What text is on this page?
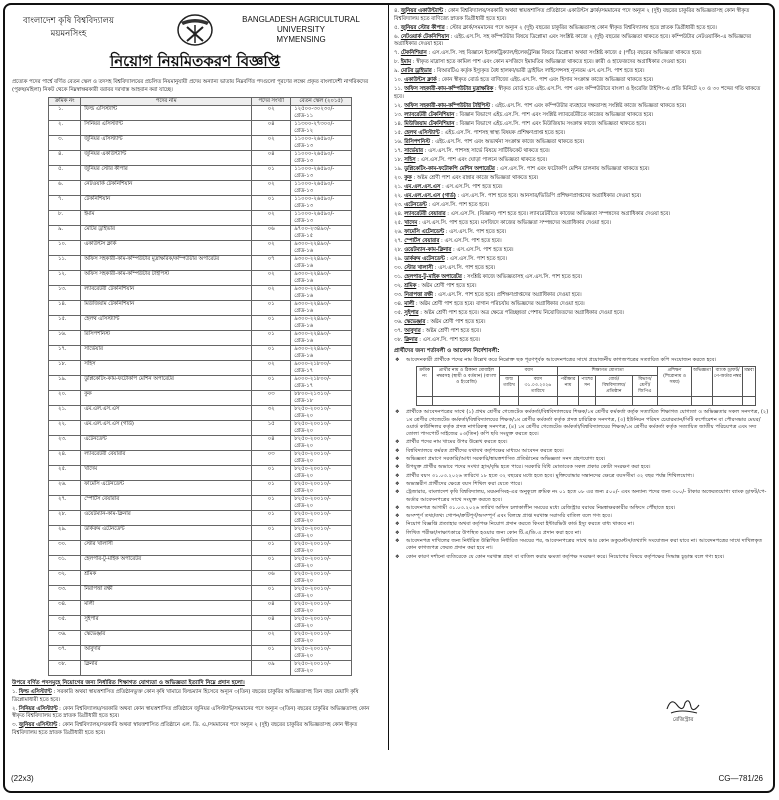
বাংলাদেশ কৃষি বিশ্ববিদ্যালয়
ময়মনসিংহ
BANGLADESH AGRICULTURAL UNIVERSITY
MYMENSING
নিয়োগ নিয়মিতকরণ বিজ্ঞপ্তি
প্রত্যেক পদের পার্শ্বে বর্ণিত বেতন স্কেল ও তদসহ বিশ্ববিদ্যালয়ের প্রচলিত নিয়মানুযায়ী প্রদেয় অন্যান্য ভাতায় নিম্নবর্ণিত পদগুলো পূরণের লক্ষ্যে প্রকৃত বাংলাদেশী নাগরিকদের (পুরুষ/মহিলা) নিকট থেকে নিম্নস্বাক্ষরকারী বরাবর দরখাস্ত আহবান করা যাচ্ছে।
ক্রমিক নং	পদের নাম	পদের সংখ্যা	বেতন স্কেল (২০১৫)
১.	ফিল্ড এসিস্ট্যান্ট	০২	১২৫০০-৩০২৩০/-
গ্রেড-১১

২.	সিনিয়র এসিস্ট্যান্ট	০৪	১১৩০০-২৭৩০০/-
গ্রেড-১২

৩.	জুনিয়র এসিস্ট্যান্ট	০২	১১০০০-২৬৫৯০/-
গ্রেড-১৩

৪.	জুনিয়র একাউন্ট্যান্ট	০৪	১১০০০-২৬৫৯০/-
গ্রেড-১৩

৫.	জুনিয়র স্টোর কীপার	০১	১১০০০-২৬৫৯০/-
গ্রেড-১৩

৬.	নেটওয়ার্ক টেকনিশিয়ান	০২	১১০০০-২৬৫৯০/-
গ্রেড-১৩

৭.	টেকনিশিয়ান	০১	১১০০০-২৬৫৯০/-
গ্রেড-১৩

৮.	ইমাম	০২	১১০০০-২৬৫৯০/-
গ্রেড-১৩

৯.	মোটর ড্রাইভার	০৬	৯৭০০-২৩৪৯০/-
গ্রেড-১৫

১০.	একাউন্টস ক্লার্ক	০২	৯৩০০-২২৪৯০/-
গ্রেড-১৬

১১.	অফিস সহকারী-কাম-কম্পিউটার মুদ্রাক্ষরিক/কম্পিউটার অপারেটর	০৭	৯৩০০-২২৪৯০/-
গ্রেড-১৬

১২.	অফিস সহকারী-কাম-কম্পিউটার টাইপিস্ট	০২	৯৩০০-২২৪৯০/-
গ্রেড-১৬

১৩.	ল্যাবরেটরী টেকনিশিয়ান	০২	৯৩০০-২২৪৯০/-
গ্রেড-১৬

১৪.	মিউজিয়াম টেকনিশিয়ান	০১	৯৩০০-২২৪৯০/-
গ্রেড-১৬

১৫.	হেলথ এসিস্ট্যান্ট	০১	৯৩০০-২২৪৯০/-
গ্রেড-১৬

১৬.	রিসিপশনিস্ট	০১	৯৩০০-২২৪৯০/-
গ্রেড-১৬

১৭.	সার্ভেয়ার	০১	৯৩০০-২২৪৯০/-
গ্রেড-১৬

১৮.	সহিস	০২	৯০০০-২১৮০০/-
গ্রেড-১৭

১৯.	ডুপ্লিকেটিং-কাম-ফটোকপি মেশিন অপারেটর	০১	৯০০০-২১৮০০/-
গ্রেড-১৭

২০.	কুক	০৩	৮৮০০-২১৩১০/-
গ্রেড-১৮

২১.	এম.এল.এস.এস	৩২	৮২৫০-২০০১০/-
গ্রেড-২০

২২.	এম.এল.এস.এস (গার্ড)	১৫	৮২৫০-২০০১০/-
গ্রেড-২০

২৩.	এটেনডেন্ট	০৪	৮২৫০-২০০১০/-
গ্রেড-২০

২৪.	ল্যাবরেটরী বেয়ারার	০৩	৮২৫০-২০০১০/-
গ্রেড-২০

২৫.	খাদেম	০১	৮২৫০-২০০১০/-
গ্রেড-২০

২৬.	ফার্মেসি এটেনডেন্ট	০১	৮২৫০-২০০১০/-
গ্রেড-২০

২৭.	স্পোর্টস বেয়ারার	০১	৮২৫০-২০০১০/-
গ্রেড-২০

২৮.	ওয়েটম্যান-কাম-ক্লিনার	০১	৮২৫০-২০০১০/-
গ্রেড-২০

২৯.	ডার্করুম এটেনডেন্ট	০১	৮২৫০-২০০১০/-
গ্রেড-২০

৩০.	স্টোর খালাসী	০১	৮২৫০-২০০১০/-
গ্রেড-২০

৩১.	হেলপার-টু-মাইক অপারেটর	০১	৮২৫০-২০০১০/-
গ্রেড-২০

৩২.	শ্রমিক	০৬	৮২৫০-২০০১০/-
গ্রেড-২০

৩৩.	নিরাপত্তা রক্ষী	০১	৮২৫০-২০০১০/-
গ্রেড-২০

৩৪.	মালী	০৪	৮২৫০-২০০১০/-
গ্রেড-২০

৩৫.	সুইপার	০৪	৮২৫০-২০০১০/-
গ্রেড-২০

৩৬.	স্কেভেঞ্জার	০২	৮২৫০-২০০১০/-
গ্রেড-২০

৩৭.	আবুদার	০১	৮২৫০-২০০১০/-
গ্রেড-২০

৩৮.	ক্লিনার	০৯	৮২৫০-২০০১০/-
গ্রেড-২০
উপরে বর্ণিত পদসমূহে নিয়োগের জন্য নির্ধারিত শিক্ষাগত যোগ্যতা ও অভিজ্ঞতা ইত্যাদি নিম্নে প্রদান হলো।
১. ফিল্ড এসিস্ট্যান্ট : সরকারি অথবা স্বায়ত্তশাসিত প্রতিষ্ঠানভুক্ত কোন কৃষি খামারে ফিল্ডম্যান হিসেবে অন্যূন ৩(তিন) বছরের চাকুরির অভিজ্ঞতাসহ তিন বছর মেয়াদি কৃষি ডিপ্লোমাধারী হতে হবে।
২. সিনিয়র এসিস্ট্যান্ট : কোন বিশ্ববিদ্যালয়/সরকারি অথবা কোন স্বায়ত্তশাসিত প্রতিষ্ঠানে জুনিয়র এসিস্ট্যান্ট/সমমানের পদে অন্যূন ৩(তিন) বছরের চাকুরির অভিজ্ঞতাসহ কোন স্বীকৃত বিশ্ববিদ্যালয় হতে স্নাতক ডিগ্রীধারী হতে হবে।
৩. জুনিয়র এসিস্ট্যান্ট : কোন বিশ্ববিদ্যালয়/সরকারি অথবা স্বায়ত্তশাসিত প্রতিষ্ঠানে এল. ডি. এ./সমমানের পদে অন্যূন ২ (দুই) বছরের চাকুরির অভিজ্ঞতাসহ কোন স্বীকৃত বিশ্ববিদ্যালয় হতে স্নাতক ডিগ্রীধারী হতে হবে।
৪. জুনিয়র একাউন্ট্যান্ট : কোন বিশ্ববিদ্যালয়/সরকারি অথবা স্বায়ত্তশাসিত প্রতিষ্ঠানে একাউন্টস ক্লার্ক/সমমানের পদে অন্যূন ২ (দুই) বছরের চাকুরির অভিজ্ঞতাসহ কোন স্বীকৃত বিশ্ববিদ্যালয় হতে বাণিজ্যে স্নাতক ডিগ্রীধারী হতে হবে।
৫. জুনিয়র স্টোর কীপার : স্টোর ক্লার্ক/সমমানের পদে অন্যূন ২ (দুই) বছরের চাকুরির অভিজ্ঞতাসহ কোন স্বীকৃত বিশ্ববিদ্যালয় হতে স্নাতক ডিগ্রীধারী হতে হবে।
৬. নেটওয়ার্ক টেকনিশিয়ান : এইচ.এস.সি. সহ কম্পিউটার বিষয়ে ডিপ্লোমা এবং সংশ্লিষ্ট কাজে ২ (দুই) বছরের অভিজ্ঞতা থাকতে হবে। কম্পিউটার নেটওয়ার্কিং-এ অভিজ্ঞদের অগ্রাধিকার দেওয়া হবে।
৭. টেকনিশিয়ান : এস.এস.সি. সহ বিজ্ঞানে ইলেকট্রিক্যাল/ইলেকট্রনিক্স বিষয়ে ডিপ্লোমা অথবা সংশ্লিষ্ট কাজে ৫ (পাঁচ) বছরের অভিজ্ঞতা থাকতে হবে।
৮. ইমাম : স্বীকৃত মাদ্রাসা হতে কামিল পাশ এবং কোন মসজিদে ইমামতির অভিজ্ঞতা থাকতে হবে। ক্বারী ও হাফেজদের অগ্রাধিকার দেওয়া হবে।
৯. মোটর ড্রাইভার : বিআরটিএ কর্তৃক ইস্যুকৃত বৈধ হালকা/ভারী ড্রাইভিং লাইসেন্সসহ ন্যূনতম এস.এস.সি. পাশ হতে হবে।
১০. একাউন্টস ক্লার্ক : কোন স্বীকৃত বোর্ড হতে বাণিজ্যে এইচ.এস.সি. পাশ এবং হিসাব সংক্রান্ত কাজে অভিজ্ঞতা থাকতে হবে।
১১. অফিস সহকারী-কাম-কম্পিউটার মুদ্রাক্ষরিক : স্বীকৃত বোর্ড হতে এইচ.এস.সি. পাশ এবং কম্পিউটারে বাংলা ও ইংরেজি টাইপিং-এ প্রতি মিনিটে ২০ ও ৩০ শব্দের গতি থাকতে হবে।
১২. অফিস সহকারী-কাম-কম্পিউটার টাইপিস্ট : এইচ.এস.সি. পাশ এবং কম্পিউটার ব্যবহারে দক্ষতাসহ সংশ্লিষ্ট কাজে অভিজ্ঞতা থাকতে হবে।
১৩. ল্যাবরেটরী টেকনিশিয়ান : বিজ্ঞান বিভাগে এইচ.এস.সি. পাশ এবং সংশ্লিষ্ট ল্যাবরেটরীতে কাজের অভিজ্ঞতা থাকতে হবে।
১৪. মিউজিয়াম টেকনিশিয়ান : বিজ্ঞান বিভাগে এইচ.এস.সি. পাশ এবং মিউজিয়াম সংক্রান্ত কাজে অভিজ্ঞতা থাকতে হবে।
১৫. হেলথ এসিস্ট্যান্ট : এইচ.এস.সি. পাশসহ স্বাস্থ্য বিষয়ক প্রশিক্ষণপ্রাপ্ত হতে হবে।
১৬. রিসিপশনিস্ট : এইচ.এস.সি. পাশ এবং অভ্যর্থনা সংক্রান্ত কাজে অভিজ্ঞতা থাকতে হবে।
১৭. সার্ভেয়ার : এস.এস.সি. পাশসহ সার্ভে বিষয়ে সার্টিফিকেট থাকতে হবে।
১৮. সহিস : এস.এস.সি. পাশ এবং ঘোড়া পালনে অভিজ্ঞতা থাকতে হবে।
১৯. ডুপ্লিকেটিং-কাম-ফটোকপি মেশিন অপারেটর : এস.এস.সি. পাশ এবং ফটোকপি মেশিন চালনায় অভিজ্ঞতা থাকতে হবে।
২০. কুক : অষ্টম শ্রেণী পাশ এবং রান্নার কাজে অভিজ্ঞতা থাকতে হবে।
২১. এম.এল.এস.এস : এস.এস.সি. পাশ হতে হবে।
২২. এম.এল.এস.এস (গার্ড) : এস.এস.সি. পাশ হতে হবে। আনসার/ভিডিপি প্রশিক্ষণপ্রাপ্তদের অগ্রাধিকার দেওয়া হবে।
২৩. এটেনডেন্ট : এস.এস.সি. পাশ হতে হবে।
২৪. ল্যাবরেটরী বেয়ারার : এস.এস.সি. (বিজ্ঞান) পাশ হতে হবে। ল্যাবরেটরীতে কাজের অভিজ্ঞতা সম্পন্নদের অগ্রাধিকার দেওয়া হবে।
২৫. খাদেম : এস.এস.সি. পাশ হতে হবে। মসজিদে কাজের অভিজ্ঞতা সম্পন্নদের অগ্রাধিকার দেওয়া হবে।
২৬. ফার্মেসি এটেনডেন্ট : এস.এস.সি. পাশ হতে হবে।
২৭. স্পোর্টস বেয়ারার : এস.এস.সি. পাশ হতে হবে।
২৮. ওয়েটম্যান-কাম-ক্লিনার : এস.এস.সি. পাশ হতে হবে।
২৯. ডার্করুম এটেনডেন্ট : এস.এস.সি. পাশ হতে হবে।
৩০. স্টোর খালাসী : এস.এস.সি. পাশ হতে হবে।
৩১. হেলপার-টু-মাইক অপারেটর : সংশ্লিষ্ট কাজে অভিজ্ঞতাসহ এস.এস.সি. পাশ হতে হবে।
৩২. শ্রমিক : অষ্টম শ্রেণী পাশ হতে হবে।
৩৩. নিরাপত্তা রক্ষী : এস.এস.সি. পাশ হতে হবে। প্রশিক্ষণপ্রাপ্তদের অগ্রাধিকার দেওয়া হবে।
৩৪. মালী : অষ্টম শ্রেণী পাশ হতে হবে। বাগান পরিচর্যায় অভিজ্ঞদের অগ্রাধিকার দেওয়া হবে।
৩৫. সুইপার : অষ্টম শ্রেণী পাশ হতে হবে। অত্র ক্ষেত্রে পরিচ্ছন্নতা পেশায় নিয়োজিতদের অগ্রাধিকার দেওয়া হবে।
৩৬. স্কেভেঞ্জার : অষ্টম শ্রেণী পাশ হতে হবে।
৩৭. আবুদার : অষ্টম শ্রেণী পাশ হতে হবে।
৩৮. ক্লিনার : এস.এস.সি. পাশ হতে হবে।
প্রার্থীদের জন্য শর্তাবলী ও আবেদন নির্দেশাবলী:
❖ আবেদনকারী প্রার্থীকে পদের নাম উল্লেখ করে নিম্নোক্ত ছক পূরণপূর্বক আবেদনপত্রের সাথে প্রয়োজনীয় কাগজপত্রের সত্যায়িত কপি সংযোজন করতে হবে।
ক্রমিক নং	প্রার্থীর নাম ও ঠিকানা মোবাইল নম্বরসহ (স্থায়ী ও বর্তমান) (বাংলা ও ইংরেজি)	বয়স		শিক্ষাগত যোগ্যতা				প্রশিক্ষণ (শিরোনাম ও সময়)	অভিজ্ঞতা	ব্যাংক ড্রাফট/পে-অর্ডার নম্বর	মন্তব্য
		জন্ম তারিখ	বয়স ৩১.০৩.২০২৬ তারিখে	পরীক্ষার নাম	পাশের সন	বোর্ড/বিশ্ববিদ্যালয়/প্রতিষ্ঠান	বিভাগ/শ্রেণী/জিপিএ				

❖ প্রার্থীকে আবেদনপত্রের সাথে (১) প্রথম শ্রেণীর গেজেটেড কর্মকর্তা/বিশ্ববিদ্যালয়ের শিক্ষক/১ম শ্রেণীর কর্মকর্তা কর্তৃক সত্যায়িত শিক্ষাগত যোগ্যতা ও অভিজ্ঞতার সকল সনদপত্র, (২) ১ম শ্রেণীর গেজেটেড কর্মকর্তা/বিশ্ববিদ্যালয়ের শিক্ষক/১ম শ্রেণীর কর্মকর্তা কর্তৃক প্রদত্ত চারিত্রিক সনদপত্র, (৩) ইউনিয়ন পরিষদ চেয়ারম্যান/সিটি কর্পোরেশন বা পৌরসভার মেয়র/ওয়ার্ড কাউন্সিলর কর্তৃক প্রদত্ত নাগরিকত্ব সনদপত্র, (৪) ১ম শ্রেণীর গেজেটেড কর্মকর্তা/বিশ্ববিদ্যালয়ের শিক্ষক/১ম শ্রেণীর কর্মকর্তা কর্তৃক সত্যায়িত জাতীয় পরিচয়পত্র এবং সদ্য তোলা পাসপোর্ট সাইজের ০৩(তিন) কপি ছবি সংযুক্ত করতে হবে।
❖ প্রার্থীর পদের নাম খামের উপর উল্লেখ করতে হবে।
❖ বিশ্ববিদ্যালয়ে কর্মরত প্রার্থীদের যথাযথ কর্তৃপক্ষের মাধ্যমে আবেদন করতে হবে।
❖ অভিজ্ঞতা প্রমাণে সরকারি/আধা সরকারি/স্বায়ত্তশাসিত প্রতিষ্ঠানের অভিজ্ঞতা সনদ গ্রহণযোগ্য হবে।
❖ উপযুক্ত প্রার্থীর অভাবে পদের সংখ্যা হ্রাস/বৃদ্ধি হতে পারে। সরকারি বিধি মোতাবেক সকল প্রকার কোটা সংরক্ষণ করা হবে।
❖ প্রার্থীর বয়স ৩১.০৩.২০২৬ তারিখে ১৮ হতে ৩২ বছরের মধ্যে হতে হবে। মুক্তিযোদ্ধার সন্তানদের ক্ষেত্রে বয়সসীমা ৩২ বছর পর্যন্ত শিথিলযোগ্য।
❖ অভ্যন্তরীণ প্রার্থীদের ক্ষেত্রে বয়স শিথিল করা যেতে পারে।
❖ ট্রেজারার, বাংলাদেশ কৃষি বিশ্ববিদ্যালয়, ময়মনসিংহ-এর অনুকূলে ক্রমিক নং ০১ হতে ০৮ এর জন্য ৫০০/- এবং অন্যান্য পদের জন্য ৩০০/- টাকার অফেরতযোগ্য ব্যাংক ড্রাফট/পে-অর্ডার আবেদনপত্রের সাথে সংযুক্ত করতে হবে।
❖ আবেদনপত্র আগামী ৩১.০৩.২০২৬ তারিখ অফিস চলাকালীন সময়ের মধ্যে রেজিস্ট্রার বরাবর নিম্নস্বাক্ষরকারীর অফিসে পৌঁছাতে হবে।
❖ অসম্পূর্ণ তথ্য/তথ্য গোপন/ক্রটিপূর্ণ/অসম্পূর্ণ এবং বিলম্বে প্রাপ্ত দরখাস্ত সরাসরি বাতিল বলে গণ্য হবে।
❖ নিয়োগ বিজ্ঞপ্তি প্রত্যাহার অথবা কর্তৃপক্ষ নিয়োগ প্রদান করতে কিংবা ইন্টারভিউ কার্ড ইস্যু করতে বাধ্য থাকবে না।
❖ লিখিত পরীক্ষা/সাক্ষাৎকারে উপস্থিত হওয়ার জন্য কোন টি.এ/ডি.এ প্রদান করা হবে না।
❖ আবেদনপত্র দাখিলের জন্য নির্ধারিত উল্লিখিত নির্ধারিত সময়ের পর, আবেদনপত্রের সাথে আর কোন ডকুমেন্টস/তথ্যাদি সংযোজন করা যাবে না। আবেদনপত্রের সাথে দাখিলকৃত কোন কাগজপত্র ফেরত প্রদান করা হবে না।
❖ কোন কারণ দর্শানো ব্যতিরেকে যে কোন দরখাস্ত গ্রহণ বা বাতিল করার ক্ষমতা কর্তৃপক্ষ সংরক্ষণ করে। নিয়োগের বিষয়ে কর্তৃপক্ষের সিদ্ধান্ত চূড়ান্ত বলে গণ্য হবে।
রেজিস্ট্রার
(22x3)	CG—781/26
